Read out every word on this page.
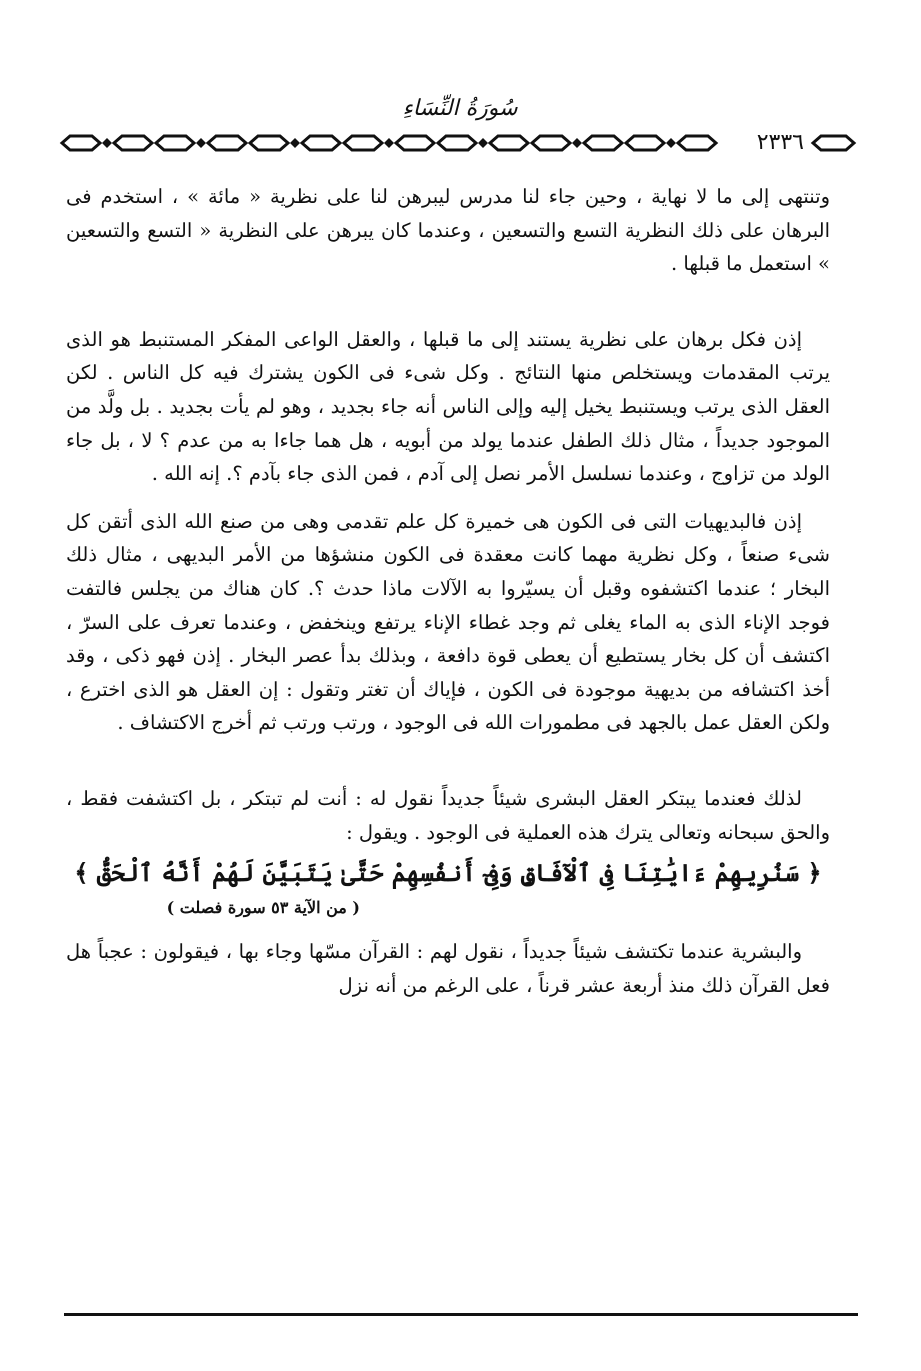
سُورَةُ النِّسَاءِ
٢٣٣٦

وتنتهى إلى ما لا نهاية ، وحين جاء لنا مدرس ليبرهن لنا على نظرية « مائة » ، استخدم فى البرهان على ذلك النظرية التسع والتسعين ، وعندما كان يبرهن على النظرية « التسع والتسعين » استعمل ما قبلها .

إذن فكل برهان على نظرية يستند إلى ما قبلها ، والعقل الواعى المفكر المستنبط هو الذى يرتب المقدمات ويستخلص منها النتائج . وكل شىء فى الكون يشترك فيه كل الناس . لكن العقل الذى يرتب ويستنبط يخيل إليه وإلى الناس أنه جاء بجديد ، وهو لم يأت بجديد . بل ولَّد من الموجود جديداً ، مثال ذلك الطفل عندما يولد من أبويه ، هل هما جاءا به من عدم ؟ لا ، بل جاء الولد من تزاوج ، وعندما نسلسل الأمر نصل إلى آدم ، فمن الذى جاء بآدم ؟. إنه الله .

إذن فالبديهيات التى فى الكون هى خميرة كل علم تقدمى وهى من صنع الله الذى أتقن كل شىء صنعاً ، وكل نظرية مهما كانت معقدة فى الكون منشؤها من الأمر البديهى ، مثال ذلك البخار ؛ عندما اكتشفوه وقبل أن يسيّروا به الآلات ماذا حدث ؟. كان هناك من يجلس فالتفت فوجد الإناء الذى به الماء يغلى ثم وجد غطاء الإناء يرتفع وينخفض ، وعندما تعرف على السرّ ، اكتشف أن كل بخار يستطيع أن يعطى قوة دافعة ، وبذلك بدأ عصر البخار . إذن فهو ذكى ، وقد أخذ اكتشافه من بديهية موجودة فى الكون ، فإياك أن تغتر وتقول : إن العقل هو الذى اخترع ، ولكن العقل عمل بالجهد فى مطمورات الله فى الوجود ، ورتب ورتب ثم أخرج الاكتشاف .

لذلك فعندما يبتكر العقل البشرى شيئاً جديداً نقول له : أنت لم تبتكر ، بل اكتشفت فقط ، والحق سبحانه وتعالى يترك هذه العملية فى الوجود . ويقول :

﴿ سَنُرِيهِمْ ءَايَٰتِنَا فِى ٱلْآفَاقِ وَفِىٓ أَنفُسِهِمْ حَتَّىٰ يَتَبَيَّنَ لَهُمْ أَنَّهُ ٱلْحَقُّ ﴾

( من الآية ٥٣ سورة فصلت )

والبشرية عندما تكتشف شيئاً جديداً ، نقول لهم : القرآن مسّها وجاء بها ، فيقولون : عجباً هل فعل القرآن ذلك منذ أربعة عشر قرناً ، على الرغم من أنه نزل
